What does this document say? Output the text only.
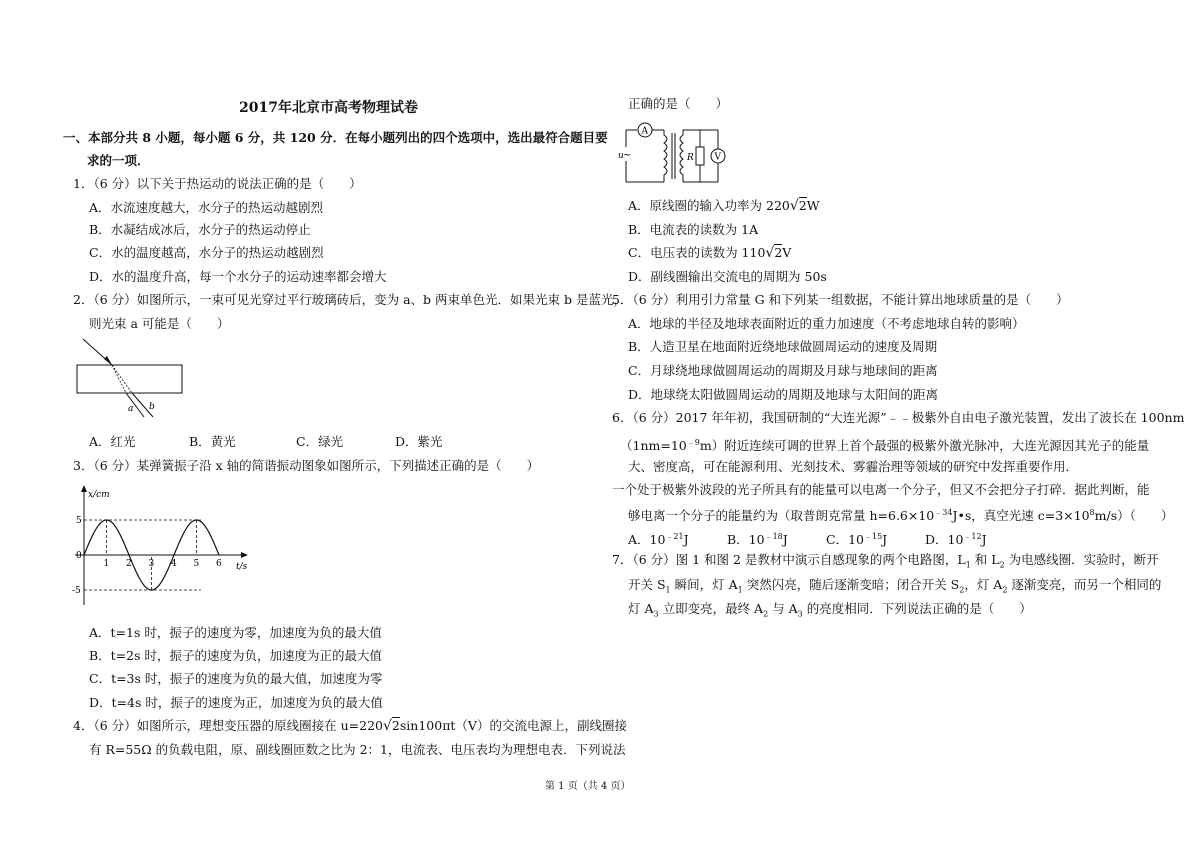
2017年北京市高考物理试卷
一、本部分共 8 小题，每小题 6 分，共 120 分．在每小题列出的四个选项中，选出最符合题目要
求的一项．
1．（6 分）以下关于热运动的说法正确的是（　　）
A．水流速度越大，水分子的热运动越剧烈
B．水凝结成冰后，水分子的热运动停止
C．水的温度越高，水分子的热运动越剧烈
D．水的温度升高，每一个水分子的运动速率都会增大
2．（6 分）如图所示，一束可见光穿过平行玻璃砖后，变为 a、b 两束单色光．如果光束 b 是蓝光，
则光束 a 可能是（　　）
a b
A．红光	B．黄光	C．绿光	D．紫光
3．（6 分）某弹簧振子沿 x 轴的简谐振动图象如图所示，下列描述正确的是（　　）
x/cm
t/s
1 2 3 4 5 6
5
0
-5
A．t=1s 时，振子的速度为零，加速度为负的最大值
B．t=2s 时，振子的速度为负，加速度为正的最大值
C．t=3s 时，振子的速度为负的最大值，加速度为零
D．t=4s 时，振子的速度为正，加速度为负的最大值
4．（6 分）如图所示，理想变压器的原线圈接在 u=220√2sin100πt（V）的交流电源上，副线圈接
有 R=55Ω 的负载电阻，原、副线圈匝数之比为 2：1，电流表、电压表均为理想电表．下列说法
第 1 页（共 4 页）
正确的是（　　）
u ~
A
R V
A．原线圈的输入功率为 220√2W
B．电流表的读数为 1A
C．电压表的读数为 110√2V
D．副线圈输出交流电的周期为 50s
5．（6 分）利用引力常量 G 和下列某一组数据，不能计算出地球质量的是（　　）
A．地球的半径及地球表面附近的重力加速度（不考虑地球自转的影响）
B．人造卫星在地面附近绕地球做圆周运动的速度及周期
C．月球绕地球做圆周运动的周期及月球与地球间的距离
D．地球绕太阳做圆周运动的周期及地球与太阳间的距离
6．（6 分）2017 年年初，我国研制的“大连光源”﹣﹣极紫外自由电子激光装置，发出了波长在 100nm
$(1nm=10^{﹣9}m)$附近连续可调的世界上首个最强的极紫外激光脉冲，大连光源因其光子的能量
大、密度高，可在能源利用、光刻技术、雾霾治理等领域的研究中发挥重要作用．
一个处于极紫外波段的光子所具有的能量可以电离一个分子，但又不会把分子打碎．据此判断，能
够电离一个分子的能量约为（取普朗克常量 $h=6.6\times 10^{﹣34}J•s$，真空光速 $c=3\times 10^8m/s$）（　　）
A．$10^{﹣21}J$	B．$10^{﹣18}J$	C．$10^{﹣15}J$	D．$10^{﹣12}J$
7．（6 分）图 1 和图 2 是教材中演示自感现象的两个电路图，$L_1$ 和 $L_2$ 为电感线圈．实验时，断开
开关 $S_1$ 瞬间，灯 $A_1$ 突然闪亮，随后逐渐变暗；闭合开关 $S_2$，灯 $A_2$ 逐渐变亮，而另一个相同的
灯 $A_3$ 立即变亮，最终 $A_2$ 与 $A_3$ 的亮度相同．下列说法正确的是（　　）
